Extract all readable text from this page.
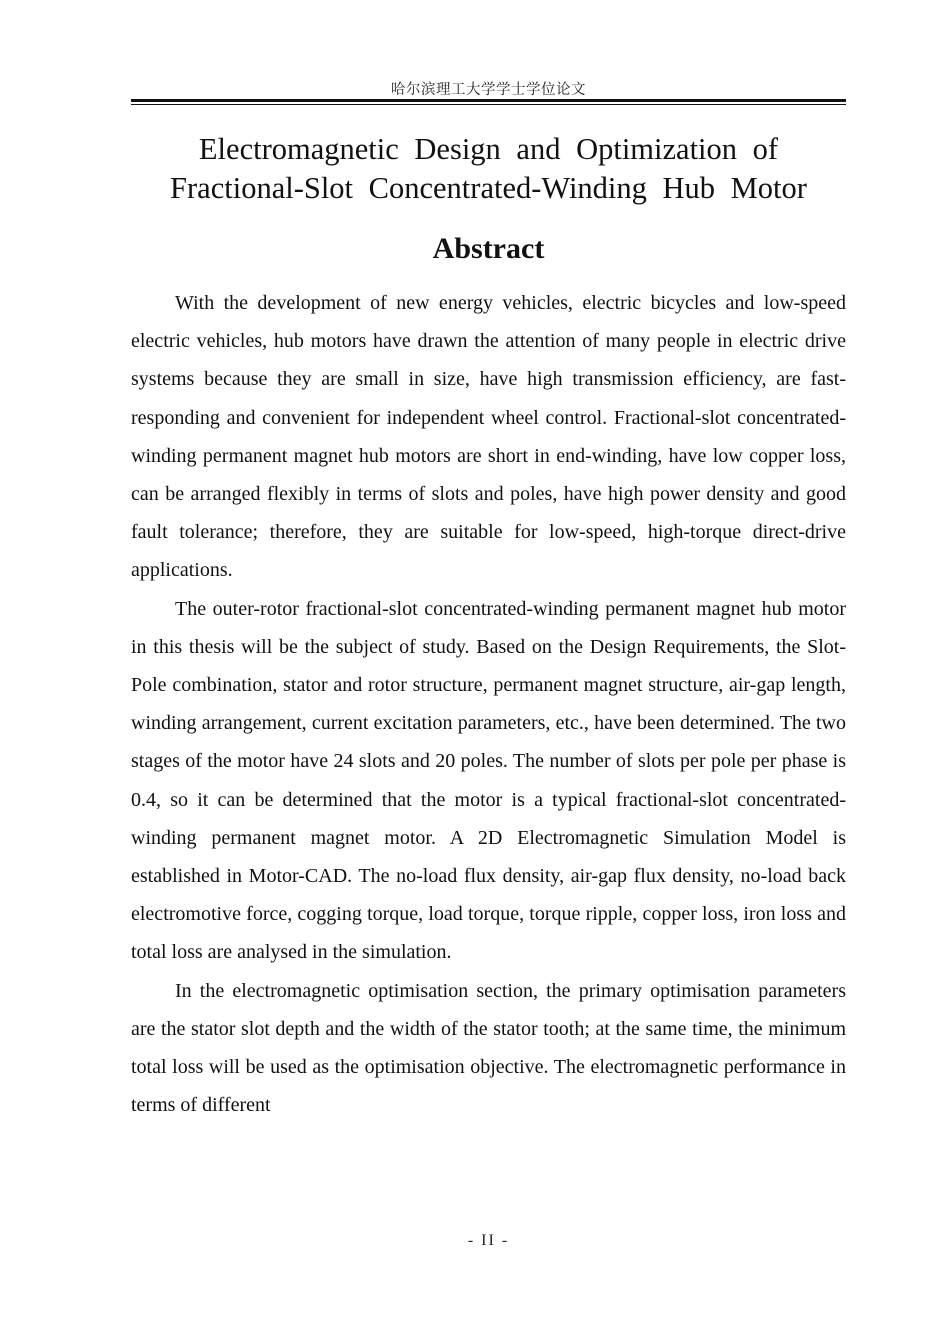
哈尔滨理工大学学士学位论文
Electromagnetic Design and Optimization of
Fractional-Slot Concentrated-Winding Hub Motor
Abstract

With the development of new energy vehicles, electric bicycles and low-speed electric vehicles, hub motors have drawn the attention of many people in electric drive systems because they are small in size, have high transmission efficiency, are fast-responding and convenient for independent wheel control. Fractional-slot concentrated-winding permanent magnet hub motors are short in end-winding, have low copper loss, can be arranged flexibly in terms of slots and poles, have high power density and good fault tolerance; therefore, they are suitable for low-speed, high-torque direct-drive applications.

The outer-rotor fractional-slot concentrated-winding permanent magnet hub motor in this thesis will be the subject of study. Based on the Design Requirements, the Slot-Pole combination, stator and rotor structure, permanent magnet structure, air-gap length, winding arrangement, current excitation parameters, etc., have been determined. The two stages of the motor have 24 slots and 20 poles. The number of slots per pole per phase is 0.4, so it can be determined that the motor is a typical fractional-slot concentrated-winding permanent magnet motor. A 2D Electromagnetic Simulation Model is established in Motor-CAD. The no-load flux density, air-gap flux density, no-load back electromotive force, cogging torque, load torque, torque ripple, copper loss, iron loss and total loss are analysed in the simulation.

In the electromagnetic optimisation section, the primary optimisation parameters are the stator slot depth and the width of the stator tooth; at the same time, the minimum total loss will be used as the optimisation objective. The electromagnetic performance in terms of different

- II -
